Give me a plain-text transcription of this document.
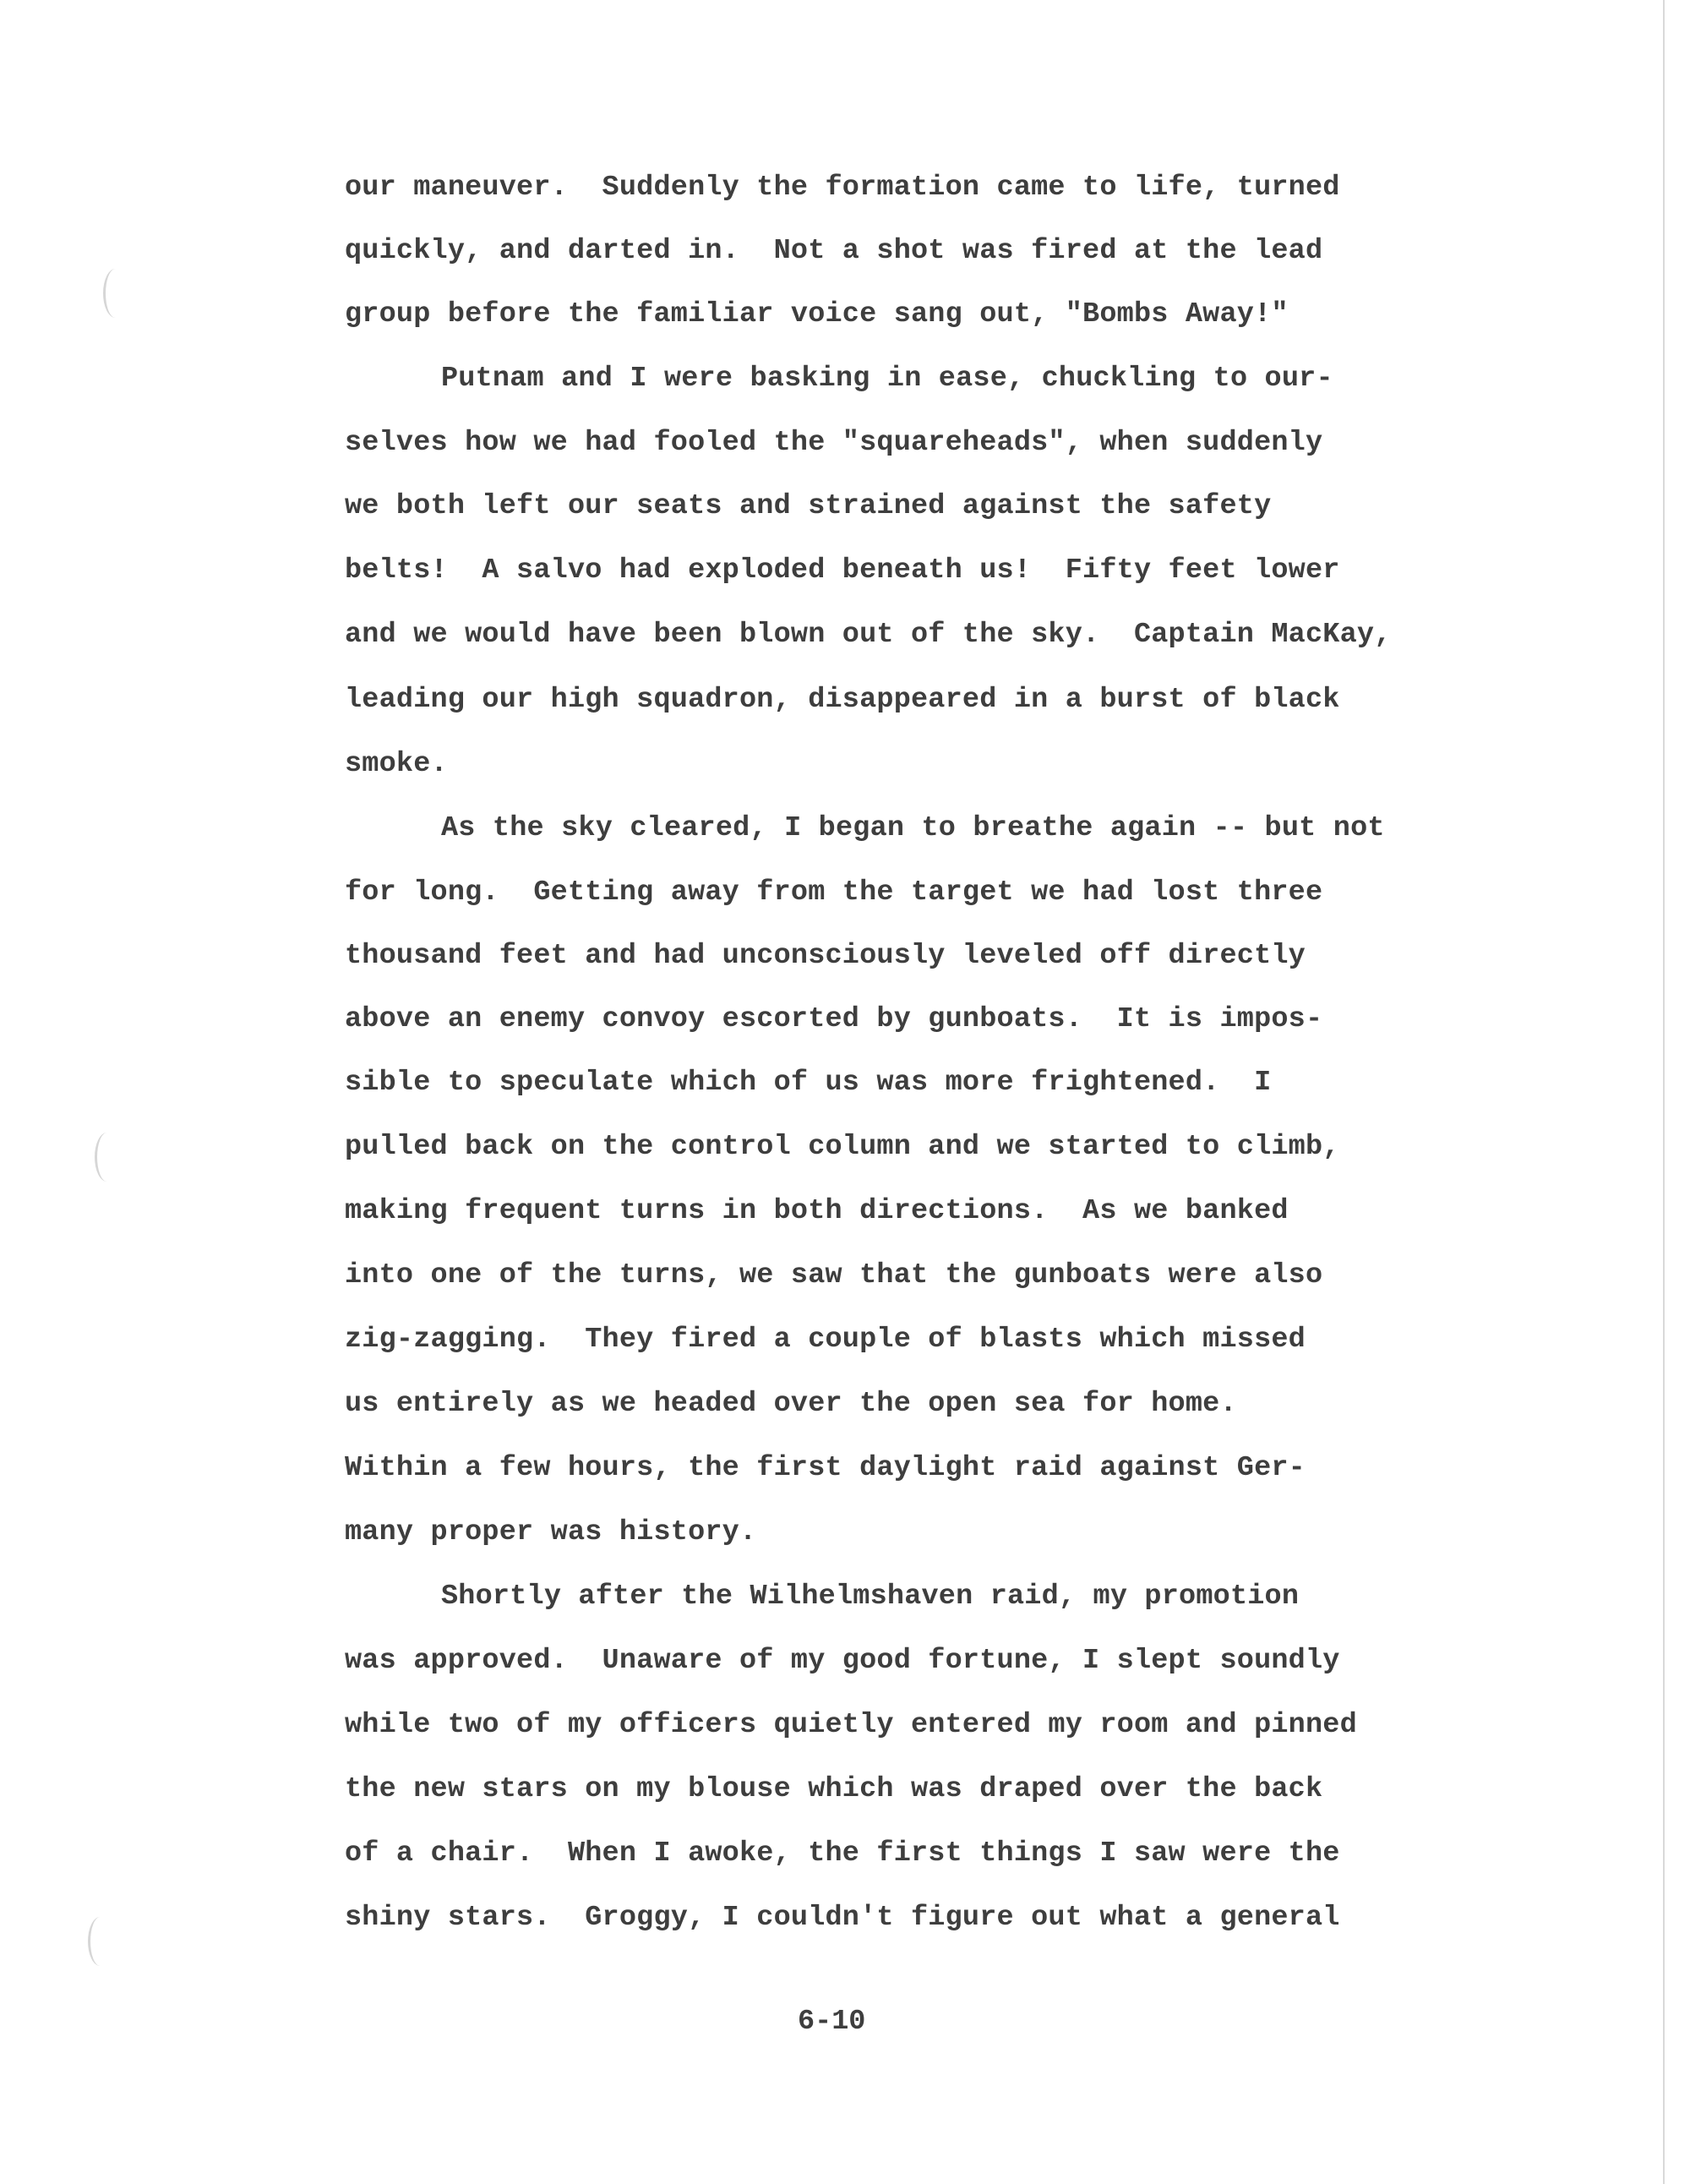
our maneuver.  Suddenly the formation came to life, turned
quickly, and darted in.  Not a shot was fired at the lead
group before the familiar voice sang out, "Bombs Away!"
Putnam and I were basking in ease, chuckling to our-
selves how we had fooled the "squareheads", when suddenly
we both left our seats and strained against the safety
belts!  A salvo had exploded beneath us!  Fifty feet lower
and we would have been blown out of the sky.  Captain MacKay,
leading our high squadron, disappeared in a burst of black
smoke.
As the sky cleared, I began to breathe again -- but not
for long.  Getting away from the target we had lost three
thousand feet and had unconsciously leveled off directly
above an enemy convoy escorted by gunboats.  It is impos-
sible to speculate which of us was more frightened.  I
pulled back on the control column and we started to climb,
making frequent turns in both directions.  As we banked
into one of the turns, we saw that the gunboats were also
zig-zagging.  They fired a couple of blasts which missed
us entirely as we headed over the open sea for home.
Within a few hours, the first daylight raid against Ger-
many proper was history.
Shortly after the Wilhelmshaven raid, my promotion
was approved.  Unaware of my good fortune, I slept soundly
while two of my officers quietly entered my room and pinned
the new stars on my blouse which was draped over the back
of a chair.  When I awoke, the first things I saw were the
shiny stars.  Groggy, I couldn't figure out what a general
6-10
